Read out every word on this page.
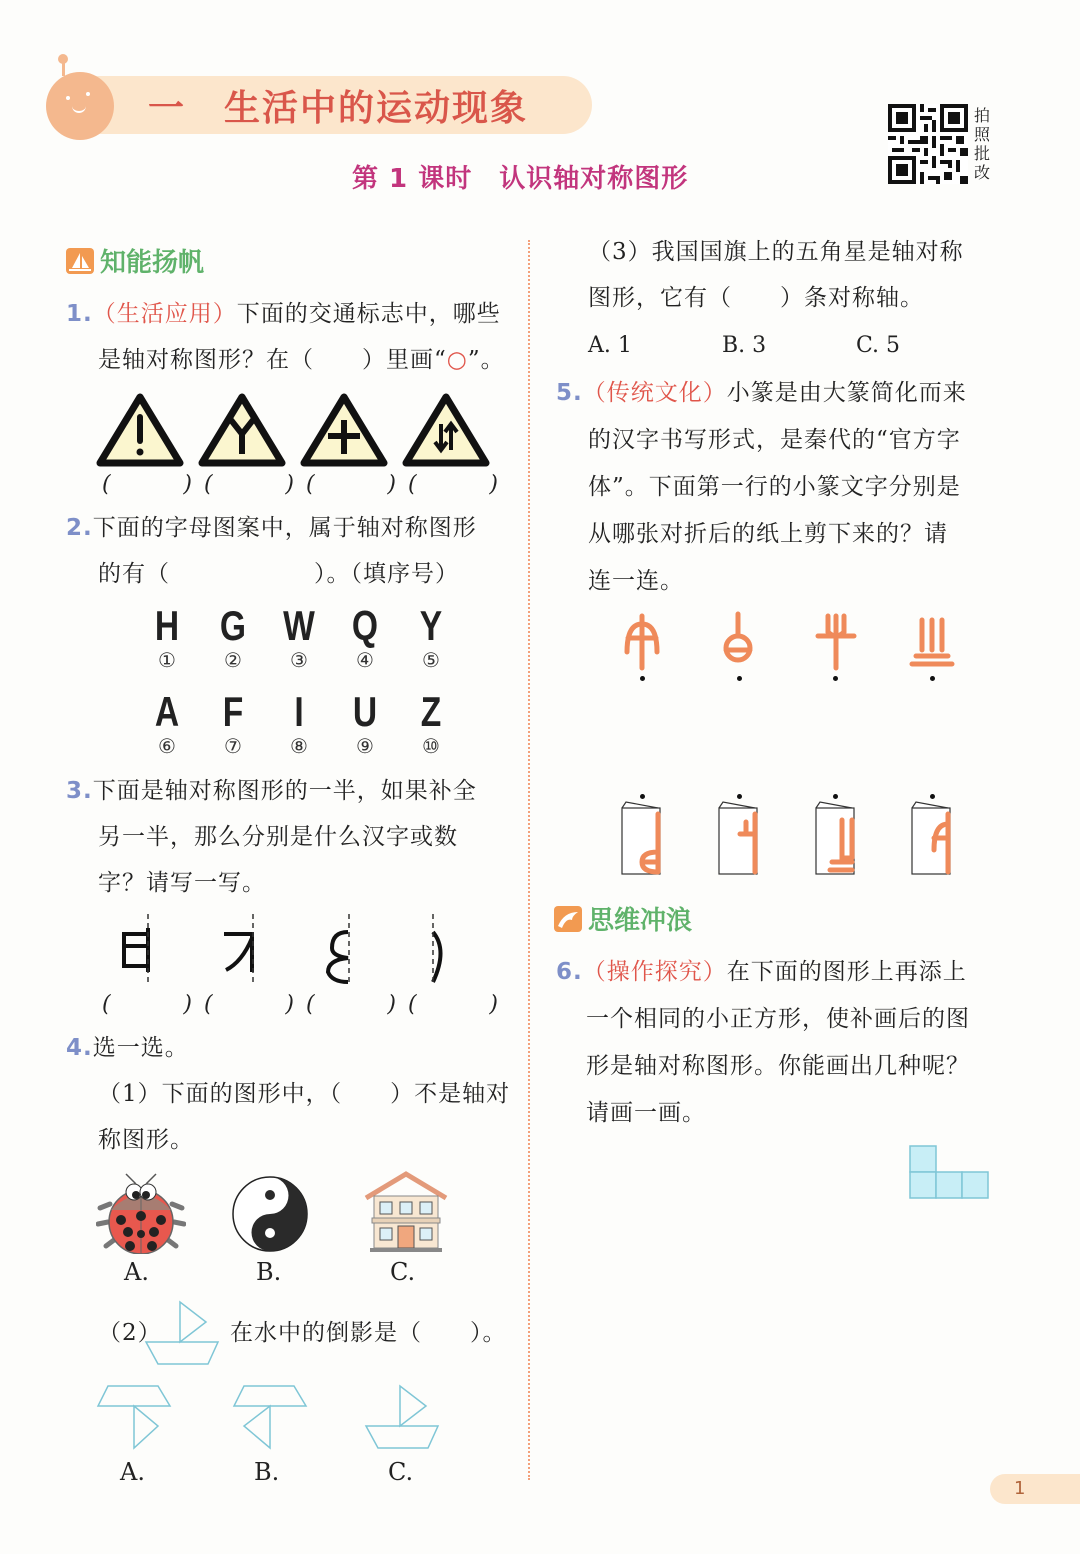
一　生活中的运动现象
第 1 课时　认识轴对称图形
拍
照
批
改
知能扬帆
1.（生活应用）下面的交通标志中，哪些
是轴对称图形？在（　　）里画“○”。
(	) (	) (	) (	)
2.下面的字母图案中，属于轴对称图形
的有（　　　　　　）。（填序号）
H G W Q Y
①	②	③	④	⑤
A	F	I	U	Z
⑥	⑦	⑧	⑨	⑩
3.下面是轴对称图形的一半，如果补全
另一半，那么分别是什么汉字或数
字？请写一写。
(	) (	) (	) (	)
4.选一选。
（1）下面的图形中，（　　）不是轴对
称图形。
A.	B.	C.
（2）	在水中的倒影是（　　）。
A.	B.	C.
（3）我国国旗上的五角星是轴对称
图形，它有（　　）条对称轴。
A. 1	B. 3	C. 5
5.（传统文化）小篆是由大篆简化而来
的汉字书写形式，是秦代的“官方字
体”。下面第一行的小篆文字分别是
从哪张对折后的纸上剪下来的？请
连一连。
思维冲浪
6.（操作探究）在下面的图形上再添上
一个相同的小正方形，使补画后的图
形是轴对称图形。你能画出几种呢？
请画一画。
1
